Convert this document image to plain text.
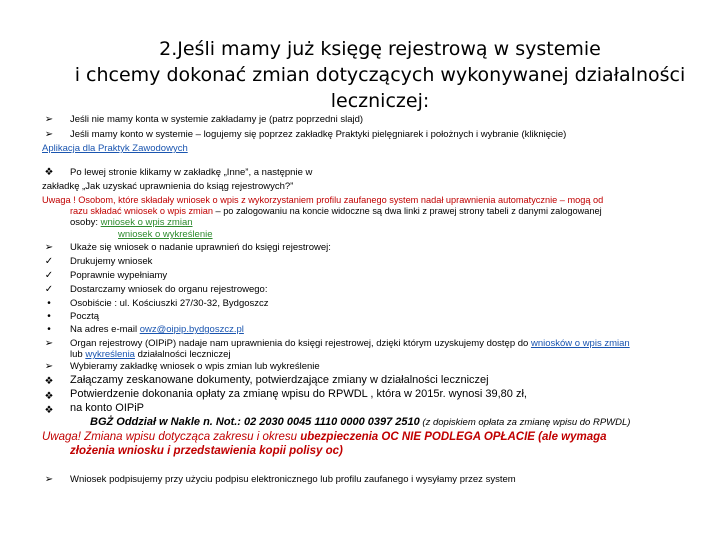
2.Jeśli mamy już księgę rejestrową w systemie
i chcemy dokonać zmian dotyczących wykonywanej działalności
leczniczej:
➢ Jeśli nie mamy konta w systemie zakładamy je (patrz poprzedni slajd)
➢ Jeśli mamy konto w systemie – logujemy się poprzez zakładkę Praktyki pielęgniarek i położnych i wybranie (kliknięcie)
Aplikacja dla Praktyk Zawodowych
❖ Po lewej stronie klikamy w zakładkę „Inne”, a następnie w
zakładkę „Jak uzyskać uprawnienia do ksiąg rejestrowych?”
Uwaga ! Osobom, które składały wniosek o wpis z wykorzystaniem profilu zaufanego system nadał uprawnienia automatycznie – mogą od
razu składać wniosek o wpis zmian – po zalogowaniu na koncie widoczne są dwa linki z prawej strony tabeli z danymi zalogowanej
osoby: wniosek o wpis zmian
wniosek o wykreślenie
➢ Ukaże się wniosek o nadanie uprawnień do księgi rejestrowej:
✓ Drukujemy wniosek
✓ Poprawnie wypełniamy
✓ Dostarczamy wniosek do organu rejestrowego:
•	Osobiście : ul. Kościuszki 27/30-32, Bydgoszcz
•	Pocztą
•	Na adres e-mail owz@oipip.bydgoszcz.pl
➢ Organ rejestrowy (OIPiP) nadaje nam uprawnienia do księgi rejestrowej, dzięki którym uzyskujemy dostęp do wniosków o wpis zmian
lub wykreślenia działalności leczniczej
➢ Wybieramy zakładkę wniosek o wpis zmian lub wykreślenie
❖ Załączamy zeskanowane dokumenty, potwierdzające zmiany w działalności leczniczej
❖ Potwierdzenie dokonania opłaty za zmianę wpisu do RPWDL , która w 2015r. wynosi 39,80 zł,
❖ na konto OIPiP
BGŻ Oddział w Nakle n. Not.: 02 2030 0045 1110 0000 0397 2510 (z dopiskiem opłata za zmianę wpisu do RPWDL)
Uwaga! Zmiana wpisu dotycząca zakresu i okresu ubezpieczenia OC NIE PODLEGA OPŁACIE (ale wymaga
złożenia wniosku i przedstawienia kopii polisy oc)
➢ Wniosek podpisujemy przy użyciu podpisu elektronicznego lub profilu zaufanego i wysyłamy przez system
